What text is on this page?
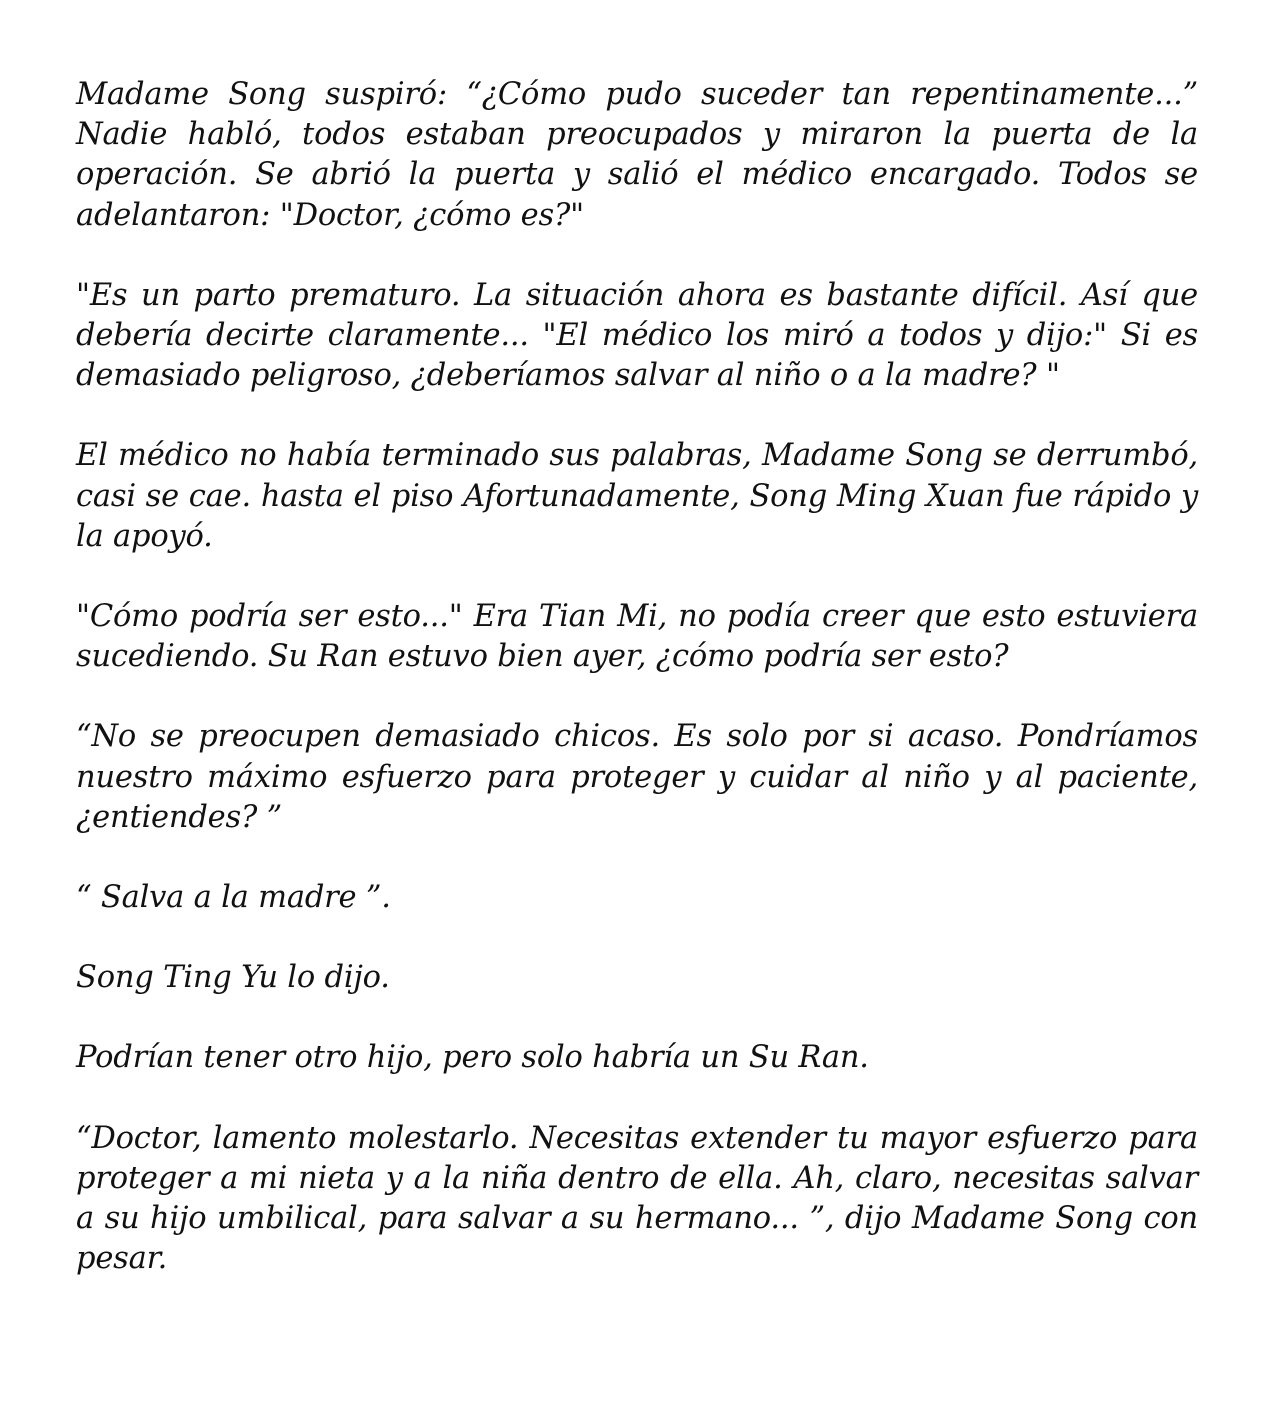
Madame Song suspiró: “¿Cómo pudo suceder tan repentinamente...” Nadie habló, todos estaban preocupados y miraron la puerta de la operación. Se abrió la puerta y salió el médico encargado. Todos se adelantaron: "Doctor, ¿cómo es?"

"Es un parto prematuro. La situación ahora es bastante difícil. Así que debería decirte claramente... "El médico los miró a todos y dijo:" Si es demasiado peligroso, ¿deberíamos salvar al niño o a la madre? "

El médico no había terminado sus palabras, Madame Song se derrumbó, casi se cae. hasta el piso Afortunadamente, Song Ming Xuan fue rápido y la apoyó.

"Cómo podría ser esto..." Era Tian Mi, no podía creer que esto estuviera sucediendo. Su Ran estuvo bien ayer, ¿cómo podría ser esto?

“No se preocupen demasiado chicos. Es solo por si acaso. Pondríamos nuestro máximo esfuerzo para proteger y cuidar al niño y al paciente, ¿entiendes? ”

“ Salva a la madre ”.

Song Ting Yu lo dijo.

Podrían tener otro hijo, pero solo habría un Su Ran.

“Doctor, lamento molestarlo. Necesitas extender tu mayor esfuerzo para proteger a mi nieta y a la niña dentro de ella. Ah, claro, necesitas salvar a su hijo umbilical, para salvar a su hermano... ”, dijo Madame Song con pesar.
